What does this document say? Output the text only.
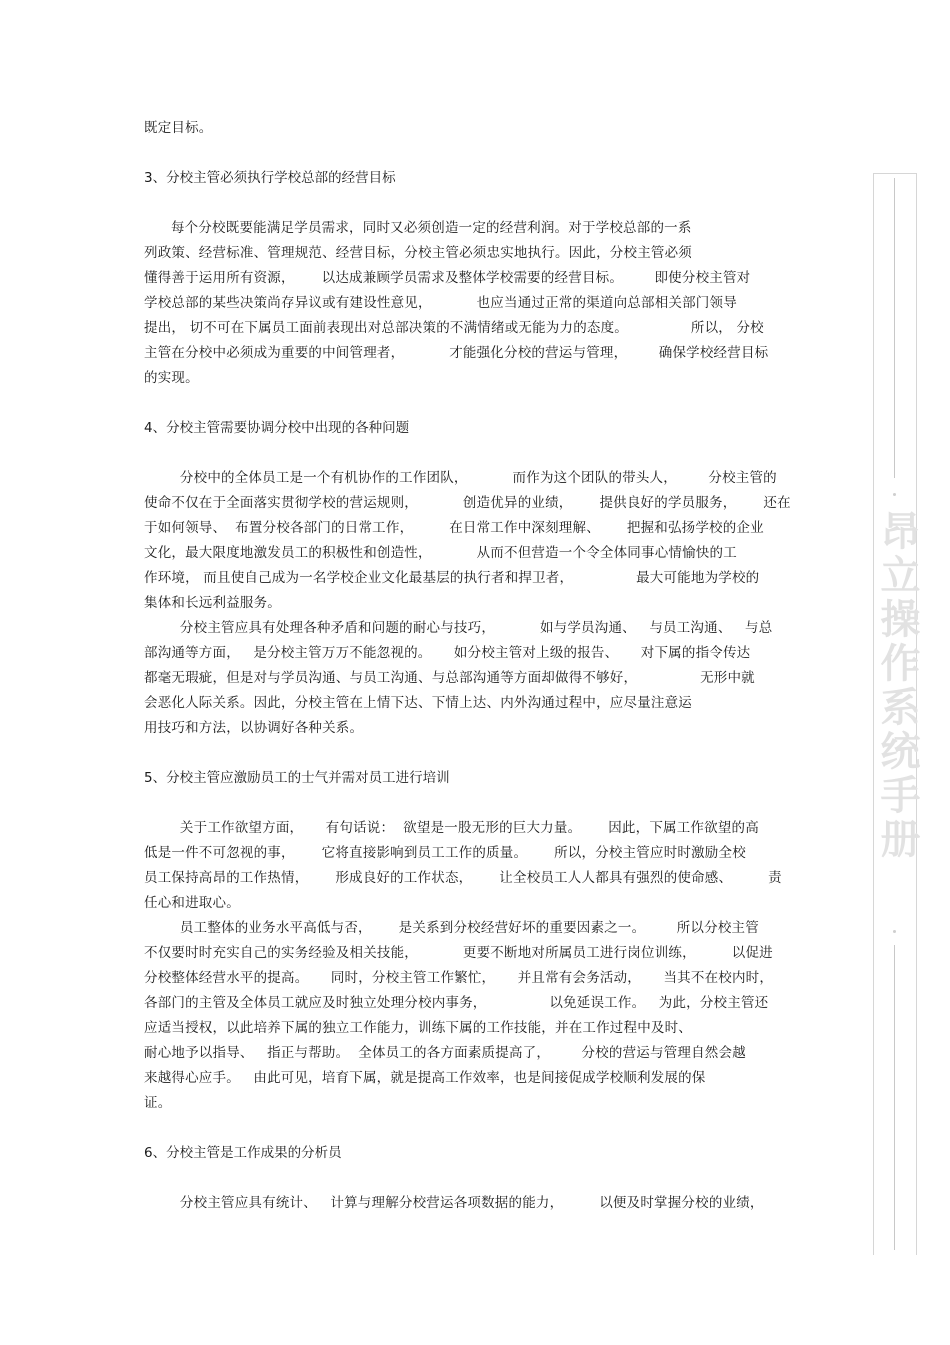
既定目标。
3、分校主管必须执行学校总部的经营目标
每个分校既要能满足学员需求，同时又必须创造一定的经营利润。对于学校总部的一系
列政策、经营标准、管理规范、经营目标，分校主管必须忠实地执行。因此，分校主管必须
懂得善于运用所有资源，      以达成兼顾学员需求及整体学校需要的经营目标。       即使分校主管对
学校总部的某些决策尚存异议或有建设性意见，          也应当通过正常的渠道向总部相关部门领导
提出， 切不可在下属员工面前表现出对总部决策的不满情绪或无能为力的态度。              所以， 分校
主管在分校中必须成为重要的中间管理者，          才能强化分校的营运与管理，       确保学校经营目标
的实现。
4、分校主管需要协调分校中出现的各种问题
分校中的全体员工是一个有机协作的工作团队，          而作为这个团队的带头人，       分校主管的
使命不仅在于全面落实贯彻学校的营运规则，          创造优异的业绩，      提供良好的学员服务，      还在
于如何领导、  布置分校各部门的日常工作，        在日常工作中深刻理解、      把握和弘扬学校的企业
文化，最大限度地激发员工的积极性和创造性，          从而不但营造一个令全体同事心情愉快的工
作环境， 而且使自己成为一名学校企业文化最基层的执行者和捍卫者，              最大可能地为学校的
集体和长远利益服务。
分校主管应具有处理各种矛盾和问题的耐心与技巧，          如与学员沟通、   与员工沟通、   与总
部沟通等方面，   是分校主管万万不能忽视的。     如分校主管对上级的报告、     对下属的指令传达
都毫无瑕疵，但是对与学员沟通、与员工沟通、与总部沟通等方面却做得不够好，              无形中就
会恶化人际关系。因此，分校主管在上情下达、下情上达、内外沟通过程中，应尽量注意运
用技巧和方法，以协调好各种关系。
5、分校主管应激励员工的士气并需对员工进行培训
关于工作欲望方面，     有句话说：  欲望是一股无形的巨大力量。      因此，下属工作欲望的高
低是一件不可忽视的事，      它将直接影响到员工工作的质量。      所以，分校主管应时时激励全校
员工保持高昂的工作热情，      形成良好的工作状态，      让全校员工人人都具有强烈的使命感、        责
任心和进取心。
员工整体的业务水平高低与否，      是关系到分校经营好坏的重要因素之一。       所以分校主管
不仅要时时充实自己的实务经验及相关技能，          更要不断地对所属员工进行岗位训练，        以促进
分校整体经营水平的提高。     同时，分校主管工作繁忙，     并且常有会务活动，     当其不在校内时，
各部门的主管及全体员工就应及时独立处理分校内事务，              以免延误工作。   为此，分校主管还
应适当授权，以此培养下属的独立工作能力，训练下属的工作技能，并在工作过程中及时、
耐心地予以指导、   指正与帮助。  全体员工的各方面素质提高了，       分校的营运与管理自然会越
来越得心应手。   由此可见，培育下属，就是提高工作效率，也是间接促成学校顺利发展的保
证。
6、分校主管是工作成果的分析员
分校主管应具有统计、   计算与理解分校营运各项数据的能力，        以便及时掌握分校的业绩，
昂立操作系统手册
